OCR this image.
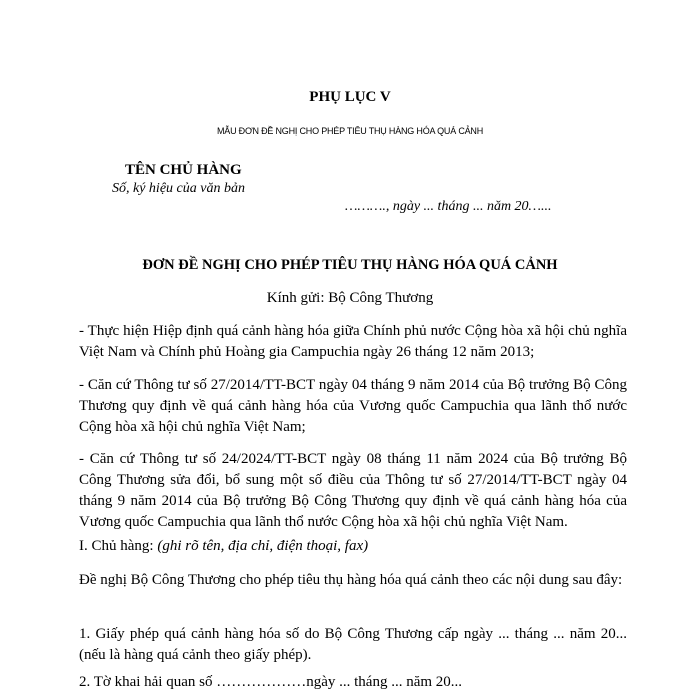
PHỤ LỤC V
MẪU ĐƠN ĐỀ NGHỊ CHO PHÉP TIÊU THỤ HÀNG HÓA QUÁ CẢNH
TÊN CHỦ HÀNG
Số, ký hiệu của văn bản
………., ngày ... tháng ... năm 20…...
ĐƠN ĐỀ NGHỊ CHO PHÉP TIÊU THỤ HÀNG HÓA QUÁ CẢNH
Kính gửi: Bộ Công Thương
- Thực hiện Hiệp định quá cảnh hàng hóa giữa Chính phủ nước Cộng hòa xã hội chủ nghĩa Việt Nam và Chính phủ Hoàng gia Campuchia ngày 26 tháng 12 năm 2013;
- Căn cứ Thông tư số 27/2014/TT-BCT ngày 04 tháng 9 năm 2014 của Bộ trưởng Bộ Công Thương quy định về quá cảnh hàng hóa của Vương quốc Campuchia qua lãnh thổ nước Cộng hòa xã hội chủ nghĩa Việt Nam;
- Căn cứ Thông tư số 24/2024/TT-BCT ngày 08 tháng 11 năm 2024 của Bộ trưởng Bộ Công Thương sửa đổi, bổ sung một số điều của Thông tư số 27/2014/TT-BCT ngày 04 tháng 9 năm 2014 của Bộ trưởng Bộ Công Thương quy định về quá cảnh hàng hóa của Vương quốc Campuchia qua lãnh thổ nước Cộng hòa xã hội chủ nghĩa Việt Nam.
I. Chủ hàng: (ghi rõ tên, địa chỉ, điện thoại, fax)
Đề nghị Bộ Công Thương cho phép tiêu thụ hàng hóa quá cảnh theo các nội dung sau đây:
1. Giấy phép quá cảnh hàng hóa số do Bộ Công Thương cấp ngày ... tháng ... năm 20... (nếu là hàng quá cảnh theo giấy phép).
2. Tờ khai hải quan số ………………ngày ... tháng ... năm 20...
